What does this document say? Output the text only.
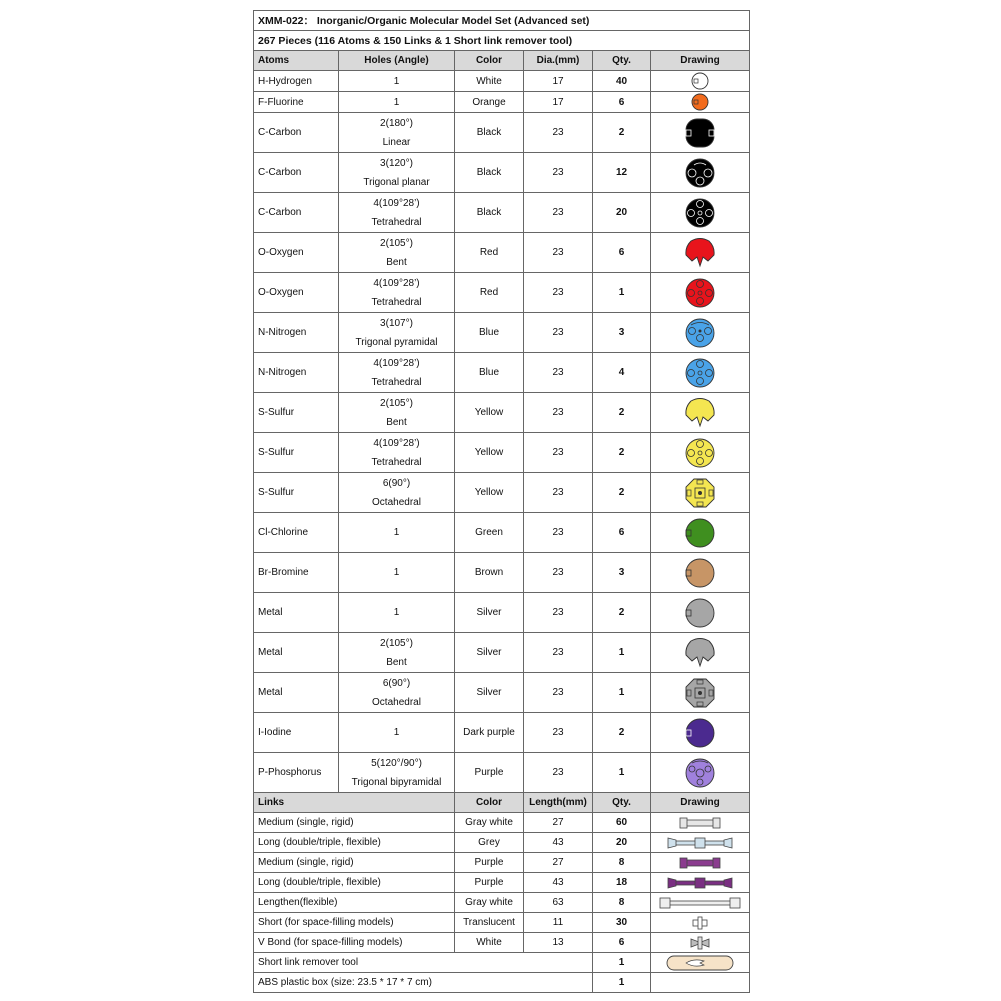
XMM-022： Inorganic/Organic Molecular Model Set (Advanced set)					
267 Pieces (116 Atoms & 150 Links & 1 Short link remover tool)					
Atoms	Holes (Angle)	Color	Dia.(mm)	Qty.	Drawing
H-Hydrogen	1	White	17	40	

F-Fluorine	1	Orange	17	6	

C-Carbon	2(180°)
Linear	Black	23	2	

C-Carbon	3(120°)
Trigonal planar	Black	23	12	

C-Carbon	4(109°28’)
Tetrahedral	Black	23	20	

O-Oxygen	2(105°)
Bent	Red	23	6	

O-Oxygen	4(109°28’)
Tetrahedral	Red	23	1	

N-Nitrogen	3(107°)
Trigonal pyramidal	Blue	23	3	

N-Nitrogen	4(109°28’)
Tetrahedral	Blue	23	4	

S-Sulfur	2(105°)
Bent	Yellow	23	2	

S-Sulfur	4(109°28’)
Tetrahedral	Yellow	23	2	

S-Sulfur	6(90°)
Octahedral	Yellow	23	2	

Cl-Chlorine	1	Green	23	6	

Br-Bromine	1	Brown	23	3	

Metal	1	Silver	23	2	

Metal	2(105°)
Bent	Silver	23	1	

Metal	6(90°)
Octahedral	Silver	23	1	

I-Iodine	1	Dark purple	23	2	

P-Phosphorus	5(120°/90°)
Trigonal bipyramidal	Purple	23	1	

Links		Color	Length(mm)	Qty.	Drawing
Medium (single, rigid)		Gray white	27	60	

Long (double/triple, flexible)		Grey	43	20	

Medium (single, rigid)		Purple	27	8	

Long (double/triple, flexible)		Purple	43	18	

Lengthen(flexible)		Gray white	63	8	

Short (for space-filling models)		Translucent	11	30	

V Bond (for space-filling models)		White	13	6	

Short link remover tool				1	

ABS plastic box (size: 23.5 * 17 * 7 cm)				1	
